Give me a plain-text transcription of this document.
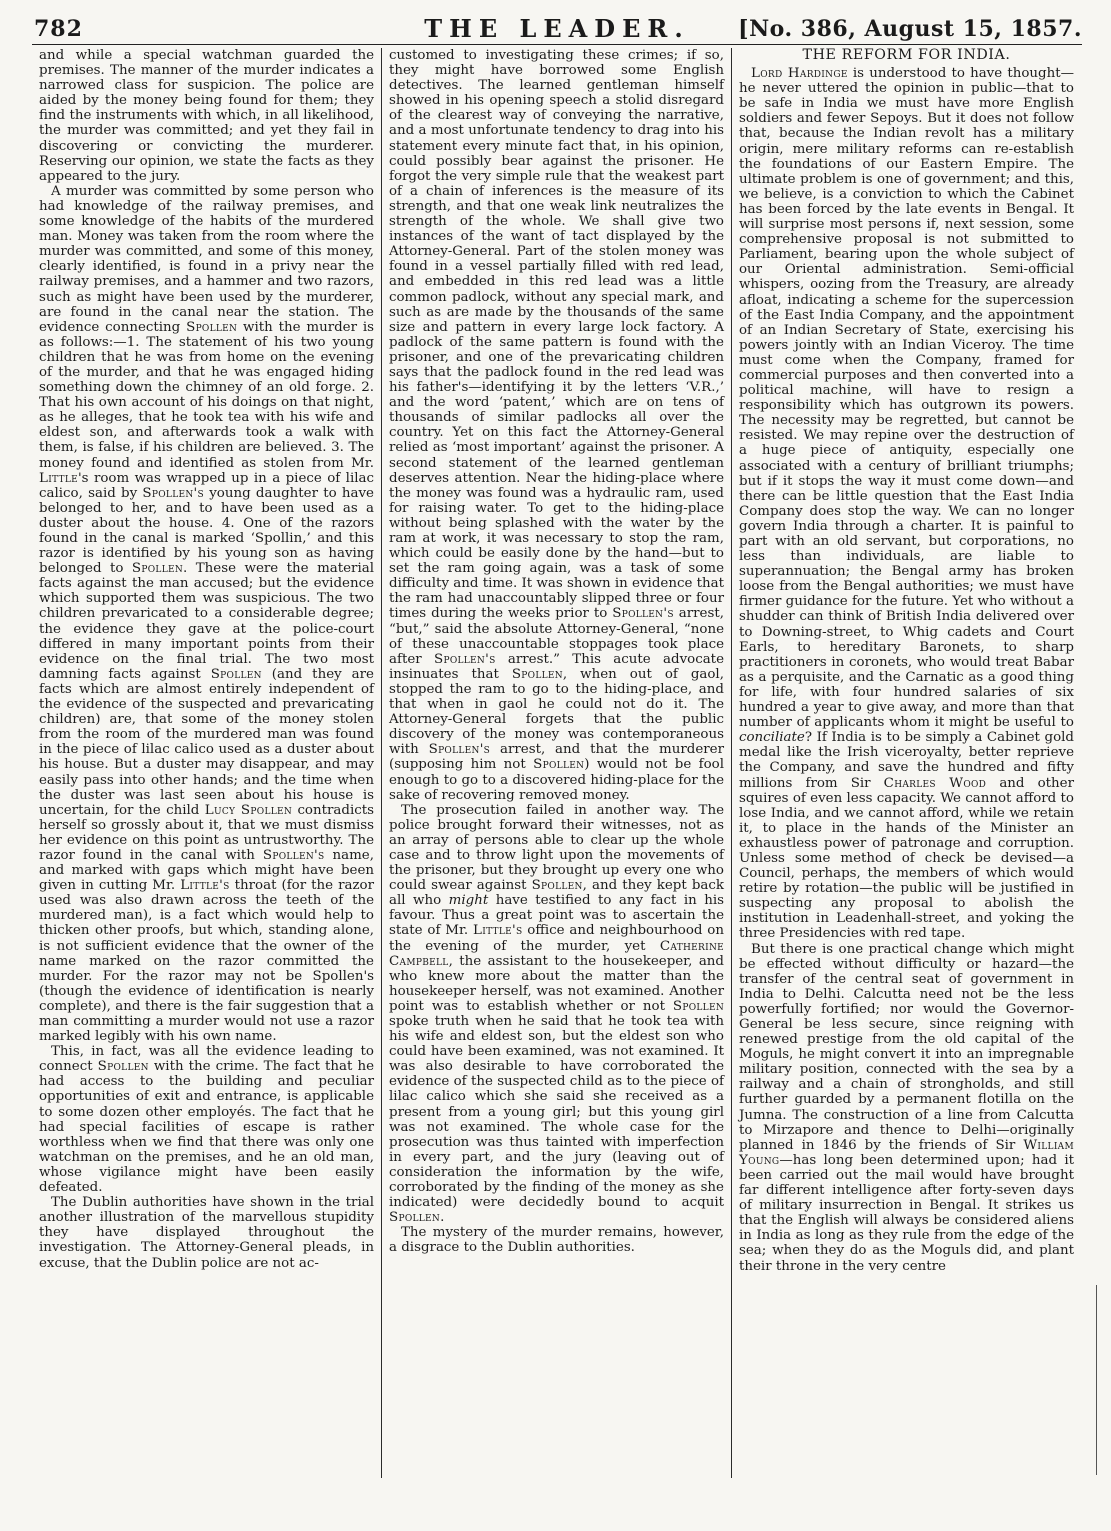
782	THE LEADER.	[No. 386, August 15, 1857.

and while a special watchman guarded the premises. The manner of the murder indicates a narrowed class for suspicion. The police are aided by the money being found for them; they find the instruments with which, in all likelihood, the murder was committed; and yet they fail in discovering or convicting the murderer. Reserving our opinion, we state the facts as they appeared to the jury.

A murder was committed by some person who had knowledge of the railway premises, and some knowledge of the habits of the murdered man. Money was taken from the room where the murder was committed, and some of this money, clearly identified, is found in a privy near the railway premises, and a hammer and two razors, such as might have been used by the murderer, are found in the canal near the station. The evidence connecting Spollen with the murder is as follows:—1. The statement of his two young children that he was from home on the evening of the murder, and that he was engaged hiding something down the chimney of an old forge. 2. That his own account of his doings on that night, as he alleges, that he took tea with his wife and eldest son, and afterwards took a walk with them, is false, if his children are believed. 3. The money found and identified as stolen from Mr. Little's room was wrapped up in a piece of lilac calico, said by Spollen's young daughter to have belonged to her, and to have been used as a duster about the house. 4. One of the razors found in the canal is marked ‘Spollin,’ and this razor is identified by his young son as having belonged to Spollen. These were the material facts against the man accused; but the evidence which supported them was suspicious. The two children prevaricated to a considerable degree; the evidence they gave at the police-court differed in many important points from their evidence on the final trial. The two most damning facts against Spollen (and they are facts which are almost entirely independent of the evidence of the suspected and prevaricating children) are, that some of the money stolen from the room of the murdered man was found in the piece of lilac calico used as a duster about his house. But a duster may disappear, and may easily pass into other hands; and the time when the duster was last seen about his house is uncertain, for the child Lucy Spollen contradicts herself so grossly about it, that we must dismiss her evidence on this point as untrustworthy. The razor found in the canal with Spollen's name, and marked with gaps which might have been given in cutting Mr. Little's throat (for the razor used was also drawn across the teeth of the murdered man), is a fact which would help to thicken other proofs, but which, standing alone, is not sufficient evidence that the owner of the name marked on the razor committed the murder. For the razor may not be Spollen's (though the evidence of identification is nearly complete), and there is the fair suggestion that a man committing a murder would not use a razor marked legibly with his own name.

This, in fact, was all the evidence leading to connect Spollen with the crime. The fact that he had access to the building and peculiar opportunities of exit and entrance, is applicable to some dozen other employés. The fact that he had special facilities of escape is rather worthless when we find that there was only one watchman on the premises, and he an old man, whose vigilance might have been easily defeated.

The Dublin authorities have shown in the trial another illustration of the marvellous stupidity they have displayed throughout the investigation. The Attorney-General pleads, in excuse, that the Dublin police are not ac-

customed to investigating these crimes; if so, they might have borrowed some English detectives. The learned gentleman himself showed in his opening speech a stolid disregard of the clearest way of conveying the narrative, and a most unfortunate tendency to drag into his statement every minute fact that, in his opinion, could possibly bear against the prisoner. He forgot the very simple rule that the weakest part of a chain of inferences is the measure of its strength, and that one weak link neutralizes the strength of the whole. We shall give two instances of the want of tact displayed by the Attorney-General. Part of the stolen money was found in a vessel partially filled with red lead, and embedded in this red lead was a little common padlock, without any special mark, and such as are made by the thousands of the same size and pattern in every large lock factory. A padlock of the same pattern is found with the prisoner, and one of the prevaricating children says that the padlock found in the red lead was his father's—identifying it by the letters ‘V.R.,’ and the word ‘patent,’ which are on tens of thousands of similar padlocks all over the country. Yet on this fact the Attorney-General relied as ‘most important’ against the prisoner. A second statement of the learned gentleman deserves attention. Near the hiding-place where the money was found was a hydraulic ram, used for raising water. To get to the hiding-place without being splashed with the water by the ram at work, it was necessary to stop the ram, which could be easily done by the hand—but to set the ram going again, was a task of some difficulty and time. It was shown in evidence that the ram had unaccountably slipped three or four times during the weeks prior to Spollen's arrest, “but,” said the absolute Attorney-General, “none of these unaccountable stoppages took place after Spollen's arrest.” This acute advocate insinuates that Spollen, when out of gaol, stopped the ram to go to the hiding-place, and that when in gaol he could not do it. The Attorney-General forgets that the public discovery of the money was contemporaneous with Spollen's arrest, and that the murderer (supposing him not Spollen) would not be fool enough to go to a discovered hiding-place for the sake of recovering removed money.

The prosecution failed in another way. The police brought forward their witnesses, not as an array of persons able to clear up the whole case and to throw light upon the movements of the prisoner, but they brought up every one who could swear against Spollen, and they kept back all who might have testified to any fact in his favour. Thus a great point was to ascertain the state of Mr. Little's office and neighbourhood on the evening of the murder, yet Catherine Campbell, the assistant to the housekeeper, and who knew more about the matter than the housekeeper herself, was not examined. Another point was to establish whether or not Spollen spoke truth when he said that he took tea with his wife and eldest son, but the eldest son who could have been examined, was not examined. It was also desirable to have corroborated the evidence of the suspected child as to the piece of lilac calico which she said she received as a present from a young girl; but this young girl was not examined. The whole case for the prosecution was thus tainted with imperfection in every part, and the jury (leaving out of consideration the information by the wife, corroborated by the finding of the money as she indicated) were decidedly bound to acquit Spollen.

The mystery of the murder remains, however, a disgrace to the Dublin authorities.

THE REFORM FOR INDIA.

Lord Hardinge is understood to have thought—he never uttered the opinion in public—that to be safe in India we must have more English soldiers and fewer Sepoys. But it does not follow that, because the Indian revolt has a military origin, mere military reforms can re-establish the foundations of our Eastern Empire. The ultimate problem is one of government; and this, we believe, is a conviction to which the Cabinet has been forced by the late events in Bengal. It will surprise most persons if, next session, some comprehensive proposal is not submitted to Parliament, bearing upon the whole subject of our Oriental administration. Semi-official whispers, oozing from the Treasury, are already afloat, indicating a scheme for the supercession of the East India Company, and the appointment of an Indian Secretary of State, exercising his powers jointly with an Indian Viceroy. The time must come when the Company, framed for commercial purposes and then converted into a political machine, will have to resign a responsibility which has outgrown its powers. The necessity may be regretted, but cannot be resisted. We may repine over the destruction of a huge piece of antiquity, especially one associated with a century of brilliant triumphs; but if it stops the way it must come down—and there can be little question that the East India Company does stop the way. We can no longer govern India through a charter. It is painful to part with an old servant, but corporations, no less than individuals, are liable to superannuation; the Bengal army has broken loose from the Bengal authorities; we must have firmer guidance for the future. Yet who without a shudder can think of British India delivered over to Downing-street, to Whig cadets and Court Earls, to hereditary Baronets, to sharp practitioners in coronets, who would treat Babar as a perquisite, and the Carnatic as a good thing for life, with four hundred salaries of six hundred a year to give away, and more than that number of applicants whom it might be useful to conciliate? If India is to be simply a Cabinet gold medal like the Irish viceroyalty, better reprieve the Company, and save the hundred and fifty millions from Sir Charles Wood and other squires of even less capacity. We cannot afford to lose India, and we cannot afford, while we retain it, to place in the hands of the Minister an exhaustless power of patronage and corruption. Unless some method of check be devised—a Council, perhaps, the members of which would retire by rotation—the public will be justified in suspecting any proposal to abolish the institution in Leadenhall-street, and yoking the three Presidencies with red tape.

But there is one practical change which might be effected without difficulty or hazard—the transfer of the central seat of government in India to Delhi. Calcutta need not be the less powerfully fortified; nor would the Governor-General be less secure, since reigning with renewed prestige from the old capital of the Moguls, he might convert it into an impregnable military position, connected with the sea by a railway and a chain of strongholds, and still further guarded by a permanent flotilla on the Jumna. The construction of a line from Calcutta to Mirzapore and thence to Delhi—originally planned in 1846 by the friends of Sir William Young—has long been determined upon; had it been carried out the mail would have brought far different intelligence after forty-seven days of military insurrection in Bengal. It strikes us that the English will always be considered aliens in India as long as they rule from the edge of the sea; when they do as the Moguls did, and plant their throne in the very centre
